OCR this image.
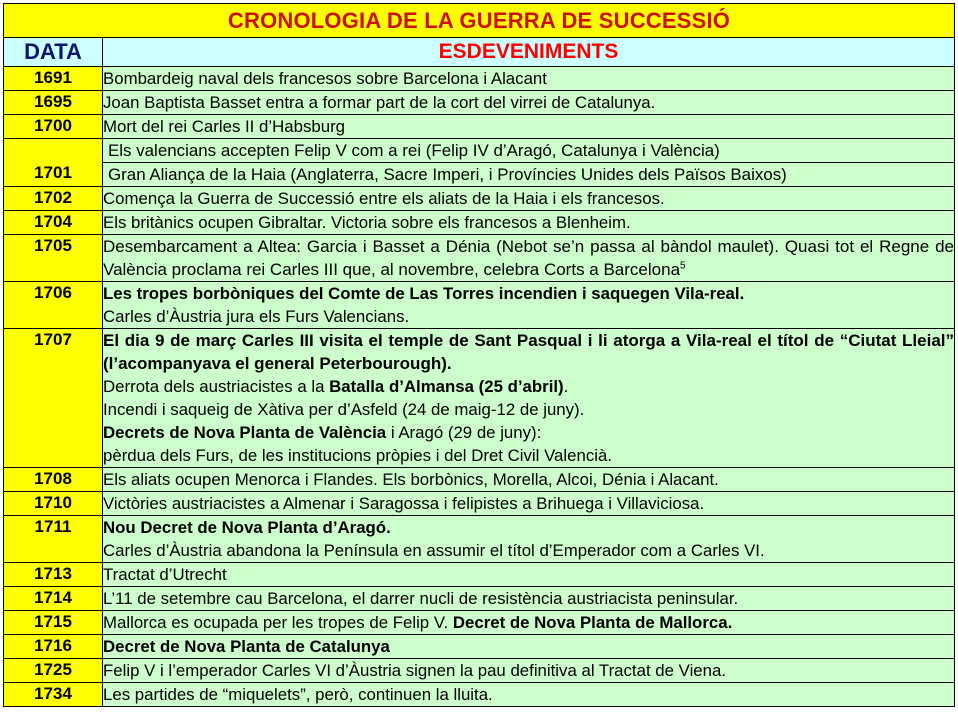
CRONOLOGIA DE LA GUERRA DE SUCCESSIÓ	
DATA	ESDEVENIMENTS
1691	Bombardeig naval dels francesos sobre Barcelona i Alacant

1695	Joan Baptista Basset entra a formar part de la cort del virrei de Catalunya.

1700	Mort del rei Carles II d’Habsburg

1701	Els valencians accepten Felip V com a rei (Felip IV d’Aragó, Catalunya i València)
Gran Aliança de la Haia (Anglaterra, Sacre Imperi, i Províncies Unides dels Països Baixos)

1702	Comença la Guerra de Successió entre els aliats de la Haia i els francesos.

1704	Els britànics ocupen Gibraltar. Victoria sobre els francesos a Blenheim.

1705	Desembarcament a Altea: Garcia i Basset a Dénia (Nebot se’n passa al bàndol maulet). Quasi tot el Regne de València proclama rei Carles III que, al novembre, celebra Corts a Barcelona$^5$

1706	Les tropes borbòniques del Comte de Las Torres incendien i saquegen Vila-real.
Carles d’Àustria jura els Furs Valencians.

1707	El dia 9 de març Carles III visita el temple de Sant Pasqual i li atorga a Vila-real el títol de “Ciutat Lleial” (l’acompanyava el general Peterbourough).
Derrota dels austriacistes a la Batalla d’Almansa (25 d’abril).
Incendi i saqueig de Xàtiva per d’Asfeld (24 de maig-12 de juny).
Decrets de Nova Planta de València i Aragó (29 de juny):
pèrdua dels Furs, de les institucions pròpies i del Dret Civil Valencià.

1708	Els aliats ocupen Menorca i Flandes. Els borbònics, Morella, Alcoi, Dénia i Alacant.

1710	Victòries austriacistes a Almenar i Saragossa i felipistes a Brihuega i Villaviciosa.

1711	Nou Decret de Nova Planta d’Aragó.
Carles d’Àustria abandona la Península en assumir el títol d’Emperador com a Carles VI.

1713	Tractat d’Utrecht

1714	L’11 de setembre cau Barcelona, el darrer nucli de resistència austriacista peninsular.

1715	Mallorca es ocupada per les tropes de Felip V. Decret de Nova Planta de Mallorca.

1716	Decret de Nova Planta de Catalunya

1725	Felip V i l’emperador Carles VI d’Àustria signen la pau definitiva al Tractat de Viena.

1734	Les partides de “miquelets”, però, continuen la lluita.
